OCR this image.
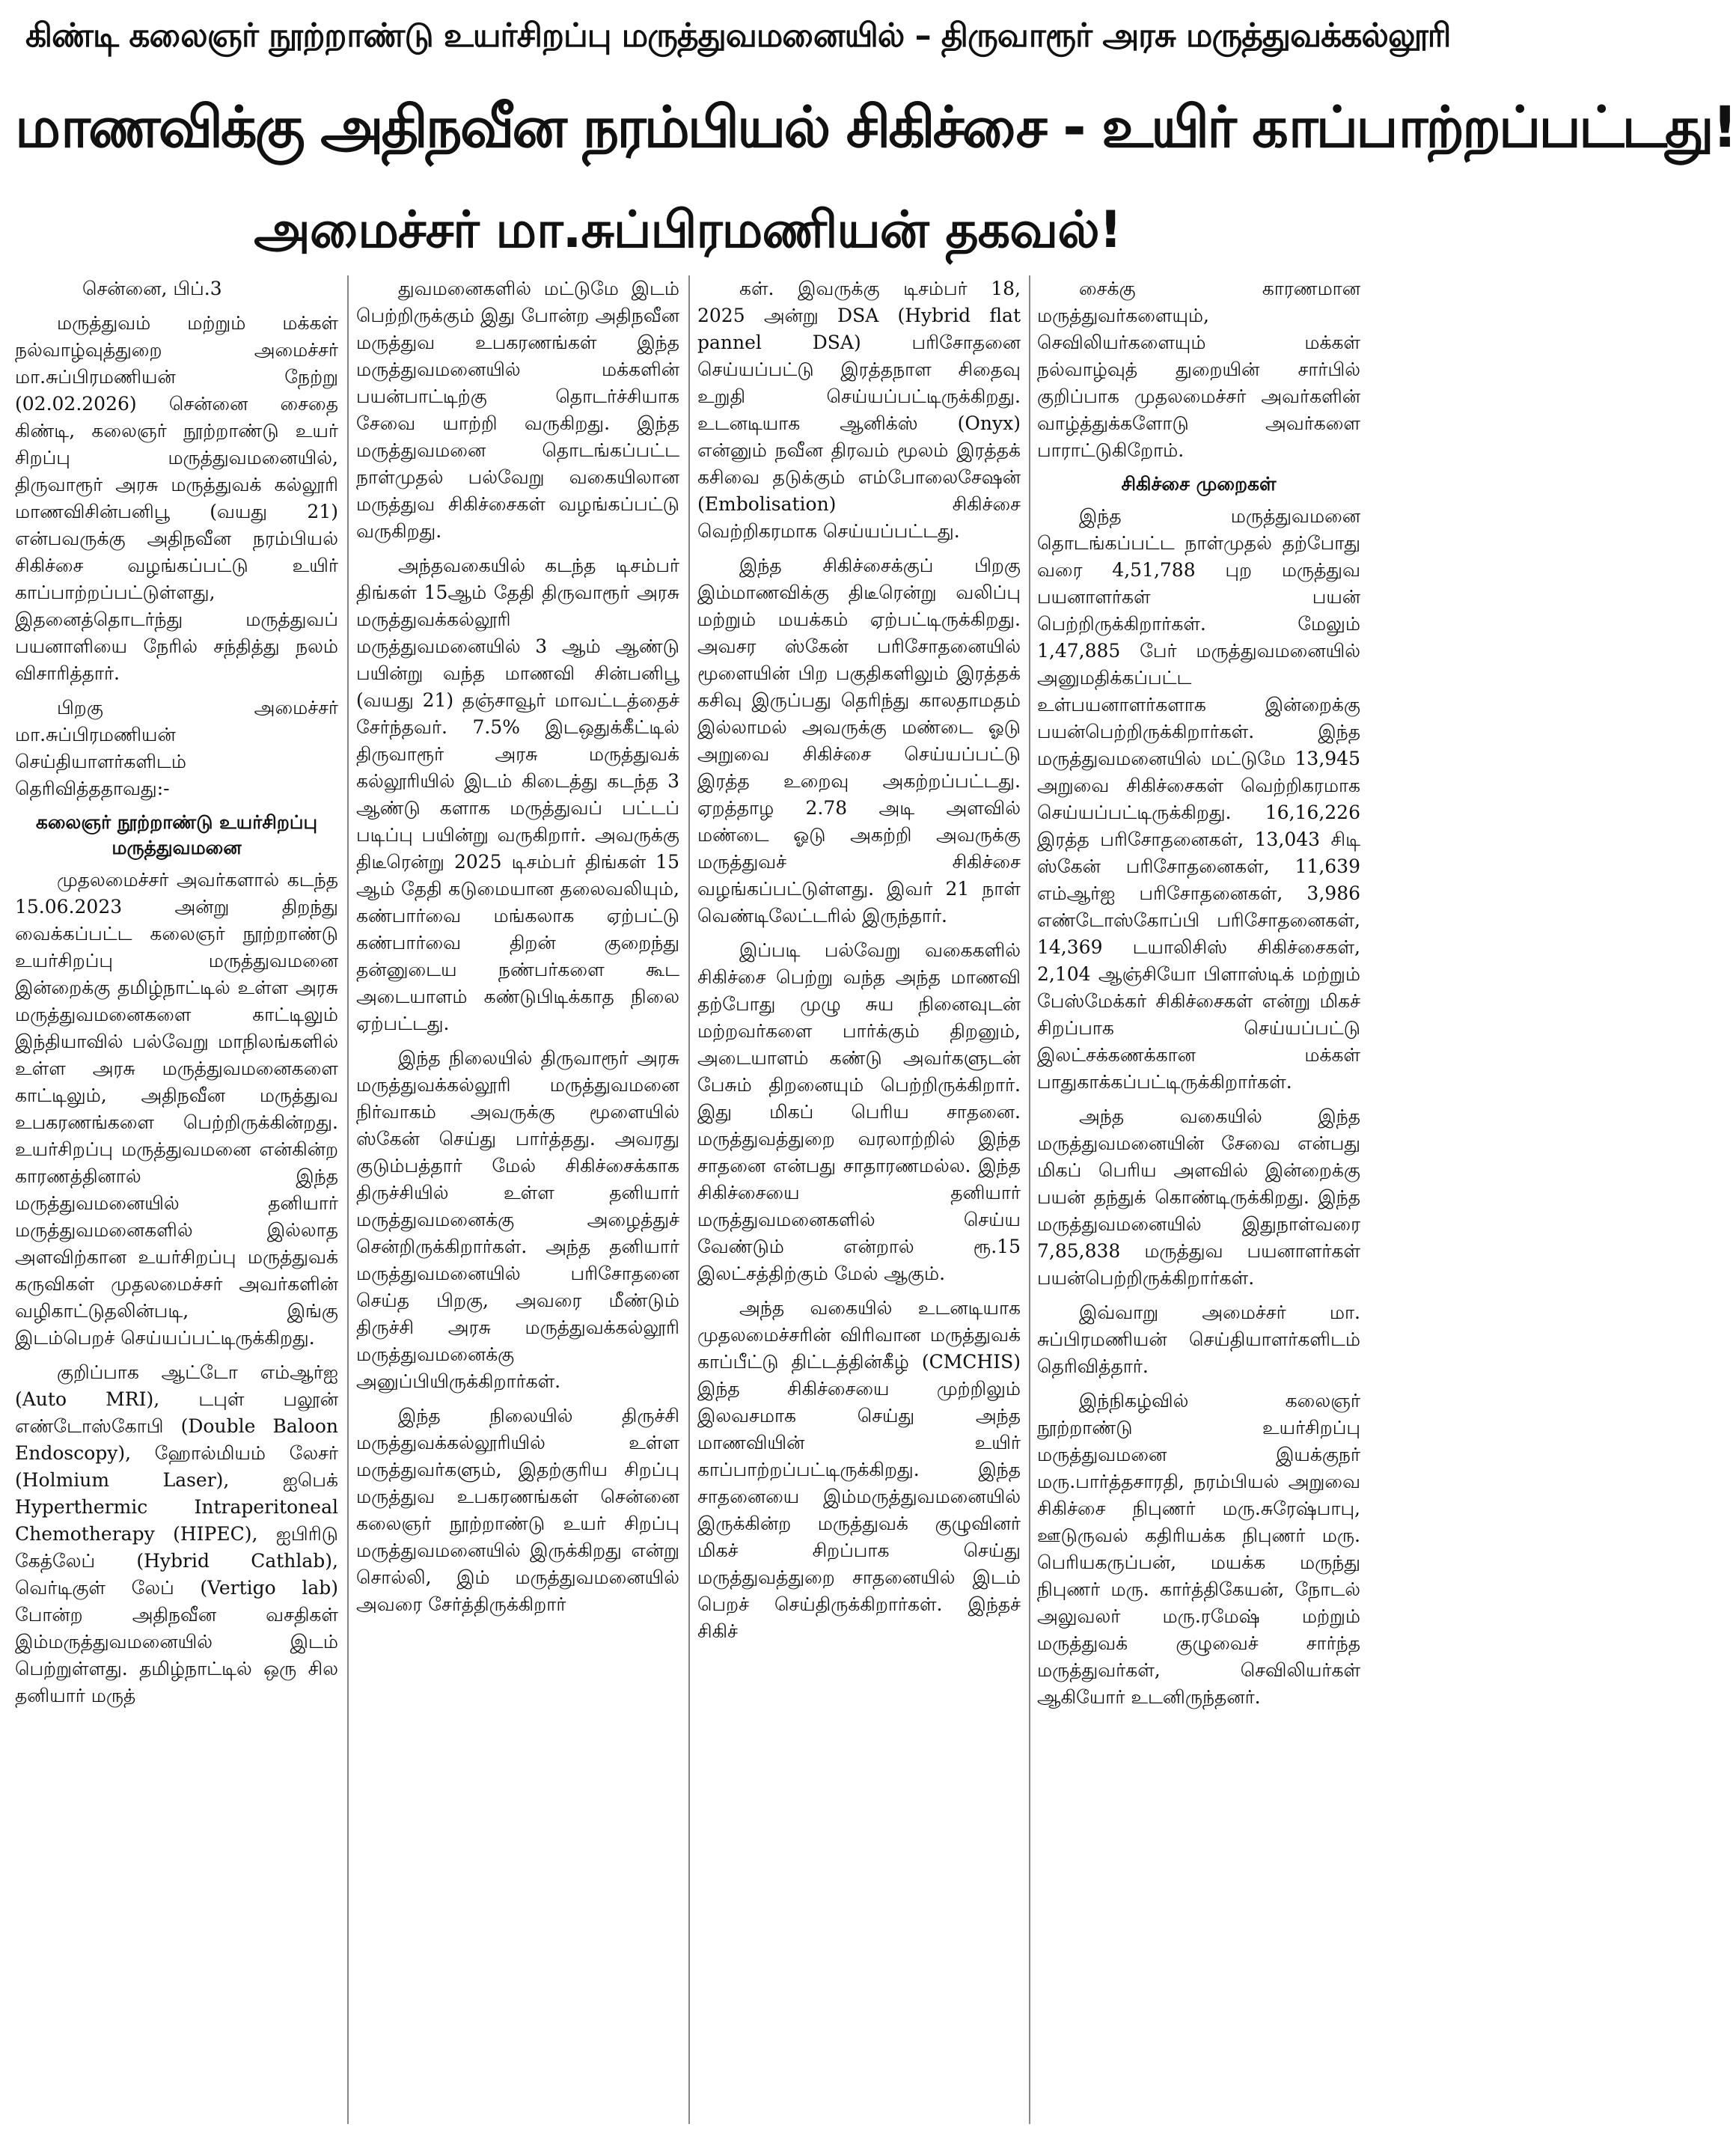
கிண்டி கலைஞர் நூற்றாண்டு உயர்சிறப்பு மருத்துவமனையில் – திருவாரூர் அரசு மருத்துவக்கல்லூரி
மாணவிக்கு அதிநவீன நரம்பியல் சிகிச்சை - உயிர் காப்பாற்றப்பட்டது!
அமைச்சர் மா.சுப்பிரமணியன் தகவல்!

சென்னை, பிப்.3

மருத்துவம் மற்றும் மக்கள் நல்வாழ்வுத்துறை அமைச்சர் மா.சுப்பிரமணியன் நேற்று (02.02.2026) சென்னை சைதை கிண்டி, கலைஞர் நூற்றாண்டு உயர் சிறப்பு மருத்துவமனையில், திருவாரூர் அரசு மருத்துவக் கல்லூரி மாணவிசின்பனிபூ (வயது 21) என்பவருக்கு அதிநவீன நரம்பியல் சிகிச்சை வழங்கப்பட்டு உயிர் காப்பாற்றப்பட்டுள்ளது, இதனைத்தொடர்ந்து மருத்துவப் பயனாளியை நேரில் சந்தித்து நலம் விசாரித்தார்.

பிறகு அமைச்சர் மா.சுப்பிரமணியன் செய்தியாளர்களிடம் தெரிவித்ததாவது:-

கலைஞர் நூற்றாண்டு உயர்சிறப்பு மருத்துவமனை

முதலமைச்சர் அவர்களால் கடந்த 15.06.2023 அன்று திறந்து வைக்கப்பட்ட கலைஞர் நூற்றாண்டு உயர்சிறப்பு மருத்துவமனை இன்றைக்கு தமிழ்நாட்டில் உள்ள அரசு மருத்துவமனைகளை காட்டிலும் இந்தியாவில் பல்வேறு மாநிலங்களில் உள்ள அரசு மருத்துவமனைகளை காட்டிலும், அதிநவீன மருத்துவ உபகரணங்களை பெற்றிருக்கின்றது. உயர்சிறப்பு மருத்துவமனை என்கின்ற காரணத்தினால் இந்த மருத்துவமனையில் தனியார் மருத்துவமனைகளில் இல்லாத அளவிற்கான உயர்சிறப்பு மருத்துவக் கருவிகள் முதலமைச்சர் அவர்களின் வழிகாட்டுதலின்படி, இங்கு இடம்பெறச் செய்யப்பட்டிருக்கிறது.

குறிப்பாக ஆட்டோ எம்ஆர்ஐ (Auto MRI), டபுள் பலூன் எண்டோஸ்கோபி (Double Baloon Endoscopy), ஹோல்மியம் லேசர் (Holmium Laser), ஐபெக் Hyperthermic Intraperitoneal Chemotherapy (HIPEC), ஐபிரிடு கேத்லேப் (Hybrid Cathlab), வெர்டிகுள் லேப் (Vertigo lab) போன்ற அதிநவீன வசதிகள் இம்மருத்துவமனையில் இடம் பெற்றுள்ளது. தமிழ்நாட்டில் ஒரு சில தனியார் மருத்

துவமனைகளில் மட்டுமே இடம் பெற்றிருக்கும் இது போன்ற அதிநவீன மருத்துவ உபகரணங்கள் இந்த மருத்துவமனையில் மக்களின் பயன்பாட்டிற்கு தொடர்ச்சியாக சேவை யாற்றி வருகிறது. இந்த மருத்துவமனை தொடங்கப்பட்ட நாள்முதல் பல்வேறு வகையிலான மருத்துவ சிகிச்சைகள் வழங்கப்பட்டு வருகிறது.

அந்தவகையில் கடந்த டிசம்பர் திங்கள் 15ஆம் தேதி திருவாரூர் அரசு மருத்துவக்கல்லூரி மருத்துவமனையில் 3 ஆம் ஆண்டு பயின்று வந்த மாணவி சின்பனிபூ (வயது 21) தஞ்சாவூர் மாவட்டத்தைச் சேர்ந்தவர். 7.5% இடஒதுக்கீட்டில் திருவாரூர் அரசு மருத்துவக் கல்லூரியில் இடம் கிடைத்து கடந்த 3 ஆண்டு களாக மருத்துவப் பட்டப் படிப்பு பயின்று வருகிறார். அவருக்கு திடீரென்று 2025 டிசம்பர் திங்கள் 15 ஆம் தேதி கடுமையான தலைவலியும், கண்பார்வை மங்கலாக ஏற்பட்டு கண்பார்வை திறன் குறைந்து தன்னுடைய நண்பர்களை கூட அடையாளம் கண்டுபிடிக்காத நிலை ஏற்பட்டது.

இந்த நிலையில் திருவாரூர் அரசு மருத்துவக்கல்லூரி மருத்துவமனை நிர்வாகம் அவருக்கு மூளையில் ஸ்கேன் செய்து பார்த்தது. அவரது குடும்பத்தார் மேல் சிகிச்சைக்காக திருச்சியில் உள்ள தனியார் மருத்துவமனைக்கு அழைத்துச் சென்றிருக்கிறார்கள். அந்த தனியார் மருத்துவமனையில் பரிசோதனை செய்த பிறகு, அவரை மீண்டும் திருச்சி அரசு மருத்துவக்கல்லூரி மருத்துவமனைக்கு அனுப்பியிருக்கிறார்கள்.

இந்த நிலையில் திருச்சி மருத்துவக்கல்லூரியில் உள்ள மருத்துவர்களும், இதற்குரிய சிறப்பு மருத்துவ உபகரணங்கள் சென்னை கலைஞர் நூற்றாண்டு உயர் சிறப்பு மருத்துவமனையில் இருக்கிறது என்று சொல்லி, இம் மருத்துவமனையில் அவரை சேர்த்திருக்கிறார்

கள். இவருக்கு டிசம்பர் 18, 2025 அன்று DSA (Hybrid flat pannel DSA) பரிசோதனை செய்யப்பட்டு இரத்தநாள சிதைவு உறுதி செய்யப்பட்டிருக்கிறது. உடனடியாக ஆனிக்ஸ் (Onyx) என்னும் நவீன திரவம் மூலம் இரத்தக் கசிவை தடுக்கும் எம்போலைசேஷன் (Embolisation) சிகிச்சை வெற்றிகரமாக செய்யப்பட்டது.

இந்த சிகிச்சைக்குப் பிறகு இம்மாணவிக்கு திடீரென்று வலிப்பு மற்றும் மயக்கம் ஏற்பட்டிருக்கிறது. அவசர ஸ்கேன் பரிசோதனையில் மூளையின் பிற பகுதிகளிலும் இரத்தக் கசிவு இருப்பது தெரிந்து காலதாமதம் இல்லாமல் அவருக்கு மண்டை ஓடு அறுவை சிகிச்சை செய்யப்பட்டு இரத்த உறைவு அகற்றப்பட்டது. ஏறத்தாழ 2.78 அடி அளவில் மண்டை ஓடு அகற்றி அவருக்கு மருத்துவச் சிகிச்சை வழங்கப்பட்டுள்ளது. இவர் 21 நாள் வெண்டிலேட்டரில் இருந்தார்.

இப்படி பல்வேறு வகைகளில் சிகிச்சை பெற்று வந்த அந்த மாணவி தற்போது முழு சுய நினைவுடன் மற்றவர்களை பார்க்கும் திறனும், அடையாளம் கண்டு அவர்களுடன் பேசும் திறனையும் பெற்றிருக்கிறார். இது மிகப் பெரிய சாதனை. மருத்துவத்துறை வரலாற்றில் இந்த சாதனை என்பது சாதாரணமல்ல. இந்த சிகிச்சையை தனியார் மருத்துவமனைகளில் செய்ய வேண்டும் என்றால் ரூ.15 இலட்சத்திற்கும் மேல் ஆகும்.

அந்த வகையில் உடனடியாக முதலமைச்சரின் விரிவான மருத்துவக் காப்பீட்டு திட்டத்தின்கீழ் (CMCHIS) இந்த சிகிச்சையை முற்றிலும் இலவசமாக செய்து அந்த மாணவியின் உயிர் காப்பாற்றப்பட்டிருக்கிறது. இந்த சாதனையை இம்மருத்துவமனையில் இருக்கின்ற மருத்துவக் குழுவினர் மிகச் சிறப்பாக செய்து மருத்துவத்துறை சாதனையில் இடம் பெறச் செய்திருக்கிறார்கள். இந்தச் சிகிச்

சைக்கு காரணமான மருத்துவர்களையும், செவிலியர்களையும் மக்கள் நல்வாழ்வுத் துறையின் சார்பில் குறிப்பாக முதலமைச்சர் அவர்களின் வாழ்த்துக்களோடு அவர்களை பாராட்டுகிறோம்.

சிகிச்சை முறைகள்

இந்த மருத்துவமனை தொடங்கப்பட்ட நாள்முதல் தற்போது வரை 4,51,788 புற மருத்துவ பயனாளர்கள் பயன் பெற்றிருக்கிறார்கள். மேலும் 1,47,885 பேர் மருத்துவமனையில் அனுமதிக்கப்பட்ட உள்பயனாளர்களாக இன்றைக்கு பயன்பெற்றிருக்கிறார்கள். இந்த மருத்துவமனையில் மட்டுமே 13,945 அறுவை சிகிச்சைகள் வெற்றிகரமாக செய்யப்பட்டிருக்கிறது. 16,16,226 இரத்த பரிசோதனைகள், 13,043 சிடி ஸ்கேன் பரிசோதனைகள், 11,639 எம்ஆர்ஐ பரிசோதனைகள், 3,986 எண்டோஸ்கோப்பி பரிசோதனைகள், 14,369 டயாலிசிஸ் சிகிச்சைகள், 2,104 ஆஞ்சியோ பிளாஸ்டிக் மற்றும் பேஸ்மேக்கர் சிகிச்சைகள் என்று மிகச் சிறப்பாக செய்யப்பட்டு இலட்சக்கணக்கான மக்கள் பாதுகாக்கப்பட்டிருக்கிறார்கள்.

அந்த வகையில் இந்த மருத்துவமனையின் சேவை என்பது மிகப் பெரிய அளவில் இன்றைக்கு பயன் தந்துக் கொண்டிருக்கிறது. இந்த மருத்துவமனையில் இதுநாள்வரை 7,85,838 மருத்துவ பயனாளர்கள் பயன்பெற்றிருக்கிறார்கள்.

இவ்வாறு அமைச்சர் மா. சுப்பிரமணியன் செய்தியாளர்களிடம் தெரிவித்தார்.

இந்நிகழ்வில் கலைஞர் நூற்றாண்டு உயர்சிறப்பு மருத்துவமனை இயக்குநர் மரு.பார்த்தசாரதி, நரம்பியல் அறுவை சிகிச்சை நிபுணர் மரு.சுரேஷ்பாபு, ஊடுருவல் கதிரியக்க நிபுணர் மரு. பெரியகருப்பன், மயக்க மருந்து நிபுணர் மரு. கார்த்திகேயன், நோடல் அலுவலர் மரு.ரமேஷ் மற்றும் மருத்துவக் குழுவைச் சார்ந்த மருத்துவர்கள், செவிலியர்கள் ஆகியோர் உடனிருந்தனர்.
